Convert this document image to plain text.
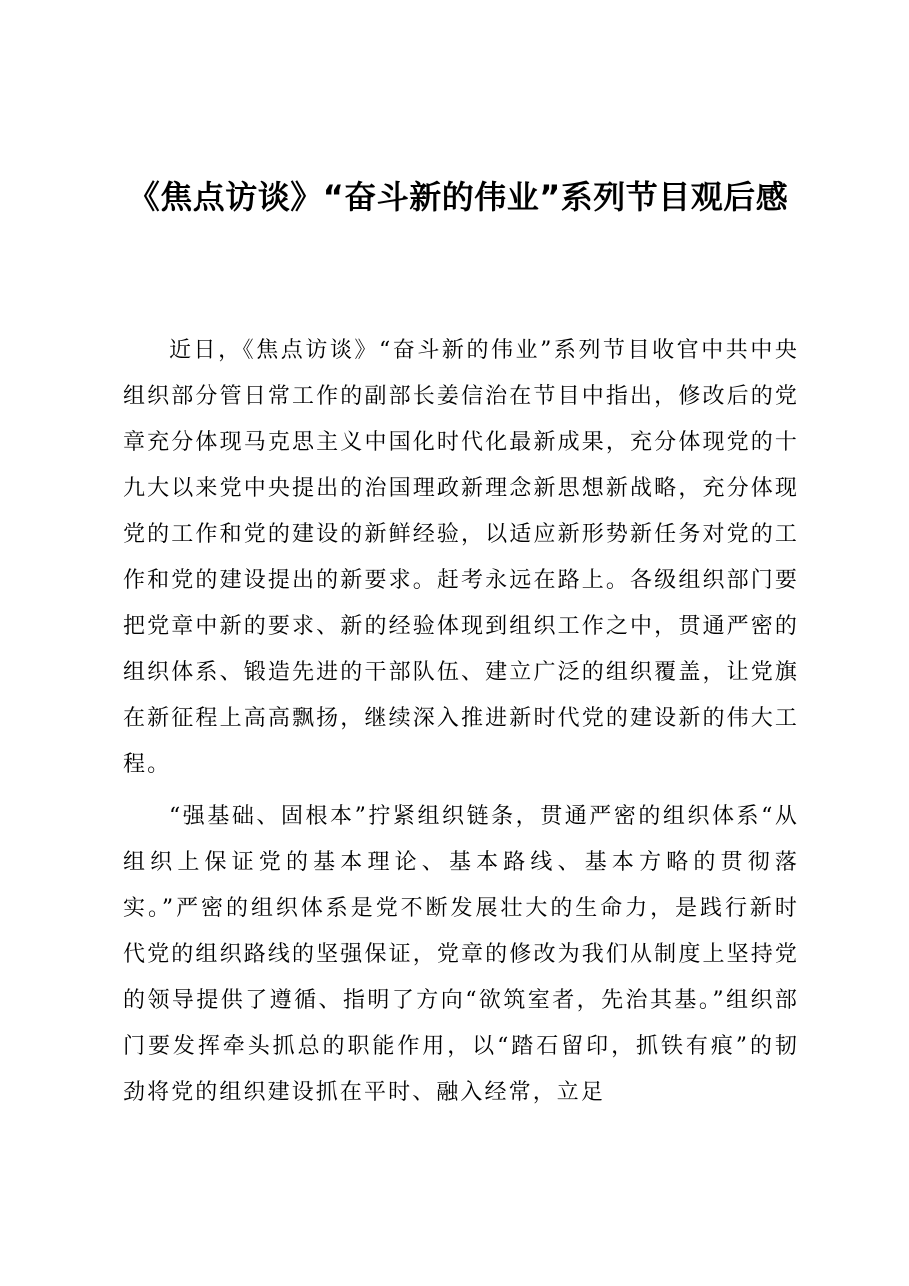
《焦点访谈》“奋斗新的伟业”系列节目观后感

近日，《焦点访谈》“奋斗新的伟业”系列节目收官中共中央组织部分管日常工作的副部长姜信治在节目中指出，修改后的党章充分体现马克思主义中国化时代化最新成果，充分体现党的十九大以来党中央提出的治国理政新理念新思想新战略，充分体现党的工作和党的建设的新鲜经验，以适应新形势新任务对党的工作和党的建设提出的新要求。赶考永远在路上。各级组织部门要把党章中新的要求、新的经验体现到组织工作之中，贯通严密的组织体系、锻造先进的干部队伍、建立广泛的组织覆盖，让党旗在新征程上高高飘扬，继续深入推进新时代党的建设新的伟大工程。

“强基础、固根本”拧紧组织链条，贯通严密的组织体系“从组织上保证党的基本理论、基本路线、基本方略的贯彻落实。”严密的组织体系是党不断发展壮大的生命力，是践行新时代党的组织路线的坚强保证，党章的修改为我们从制度上坚持党的领导提供了遵循、指明了方向“欲筑室者，先治其基。”组织部门要发挥牵头抓总的职能作用，以“踏石留印，抓铁有痕”的韧劲将党的组织建设抓在平时、融入经常，立足
